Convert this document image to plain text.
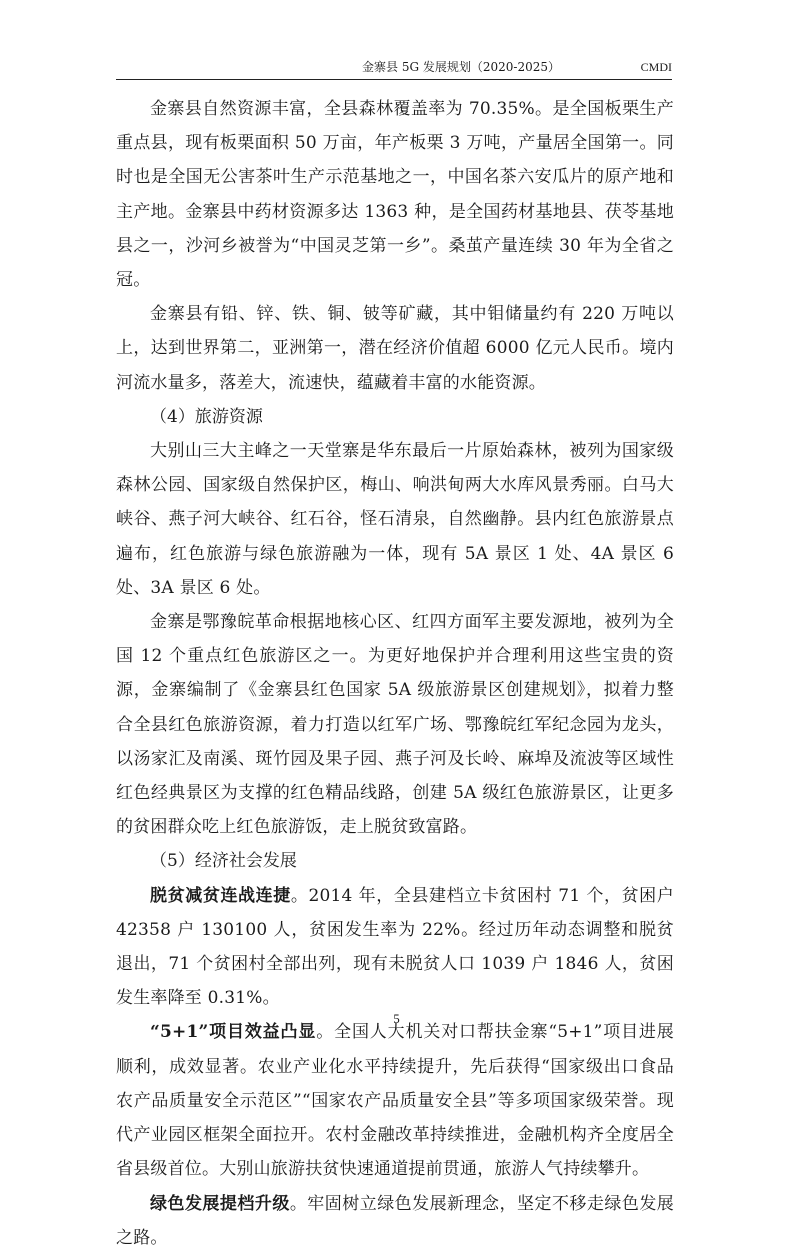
金寨县 5G 发展规划（2020-2025）	CMDI

金寨县自然资源丰富，全县森林覆盖率为 70.35%。是全国板栗生产重点县，现有板栗面积 50 万亩，年产板栗 3 万吨，产量居全国第一。同时也是全国无公害茶叶生产示范基地之一，中国名茶六安瓜片的原产地和主产地。金寨县中药材资源多达 1363 种，是全国药材基地县、茯苓基地县之一，沙河乡被誉为“中国灵芝第一乡”。桑茧产量连续 30 年为全省之冠。

金寨县有铅、锌、铁、铜、铍等矿藏，其中钼储量约有 220 万吨以上，达到世界第二，亚洲第一，潜在经济价值超 6000 亿元人民币。境内河流水量多，落差大，流速快，蕴藏着丰富的水能资源。

（4）旅游资源

大别山三大主峰之一天堂寨是华东最后一片原始森林，被列为国家级森林公园、国家级自然保护区，梅山、响洪甸两大水库风景秀丽。白马大峡谷、燕子河大峡谷、红石谷，怪石清泉，自然幽静。县内红色旅游景点遍布，红色旅游与绿色旅游融为一体，现有 5A 景区 1 处、4A 景区 6 处、3A 景区 6 处。

金寨是鄂豫皖革命根据地核心区、红四方面军主要发源地，被列为全国 12 个重点红色旅游区之一。为更好地保护并合理利用这些宝贵的资源，金寨编制了《金寨县红色国家 5A 级旅游景区创建规划》，拟着力整合全县红色旅游资源，着力打造以红军广场、鄂豫皖红军纪念园为龙头，以汤家汇及南溪、斑竹园及果子园、燕子河及长岭、麻埠及流波等区域性红色经典景区为支撑的红色精品线路，创建 5A 级红色旅游景区，让更多的贫困群众吃上红色旅游饭，走上脱贫致富路。

（5）经济社会发展

脱贫减贫连战连捷。2014 年，全县建档立卡贫困村 71 个，贫困户 42358 户 130100 人，贫困发生率为 22%。经过历年动态调整和脱贫退出，71 个贫困村全部出列，现有未脱贫人口 1039 户 1846 人，贫困发生率降至 0.31%。

“5+1”项目效益凸显。全国人大机关对口帮扶金寨“5+1”项目进展顺利，成效显著。农业产业化水平持续提升，先后获得“国家级出口食品农产品质量安全示范区”“国家农产品质量安全县”等多项国家级荣誉。现代产业园区框架全面拉开。农村金融改革持续推进，金融机构齐全度居全省县级首位。大别山旅游扶贫快速通道提前贯通，旅游人气持续攀升。

绿色发展提档升级。牢固树立绿色发展新理念，坚定不移走绿色发展之路。

5
